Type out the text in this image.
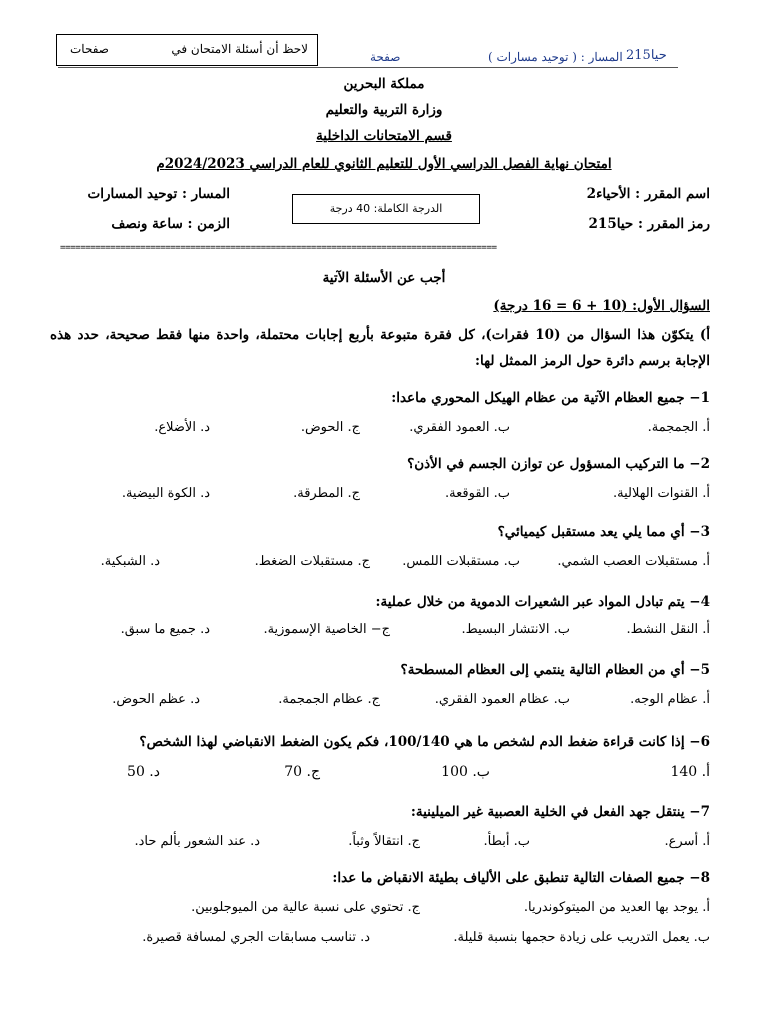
لاحظ أن أسئلة الامتحان في
صفحات
صفحة	المسار : ( توحيد مسارات ) حيا215
مملكة البحرين
وزارة التربية والتعليم
قسم الامتحانات الداخلية
امتحان نهاية الفصل الدراسي الأول للتعليم الثانوي للعام الدراسي 2024/2023م
اسم المقرر : الأحياء2
رمز المقرر : حيا215
المسار : توحيد المسارات
الزمن : ساعة ونصف
الدرجة الكاملة: 40 درجة
=======================================================================================
أجب عن الأسئلة الآتية
السؤال الأول: (10 + 6 = 16 درجة)
أ) يتكوّن هذا السؤال من (10 فقرات)، كل فقرة متبوعة بأربع إجابات محتملة، واحدة منها فقط صحيحة، حدد هذه الإجابة برسم دائرة حول الرمز الممثل لها:
1− جميع العظام الآتية من عظام الهيكل المحوري ماعدا:
أ. الجمجمة.
ب. العمود الفقري.
ج. الحوض.
د. الأضلاع.
2− ما التركيب المسؤول عن توازن الجسم في الأذن؟
أ. القنوات الهلالية.
ب. القوقعة.
ج. المطرقة.
د. الكوة البيضية.
3− أي مما يلي يعد مستقبل كيميائي؟
أ. مستقبلات العصب الشمي.
ب. مستقبلات اللمس.
ج. مستقبلات الضغط.
د. الشبكية.
4− يتم تبادل المواد عبر الشعيرات الدموية من خلال عملية:
أ. النقل النشط.
ب. الانتشار البسيط.
ج− الخاصية الإسموزية.
د. جميع ما سبق.
5− أي من العظام التالية ينتمي إلى العظام المسطحة؟
أ. عظام الوجه.
ب. عظام العمود الفقري.
ج. عظام الجمجمة.
د. عظم الحوض.
6− إذا كانت قراءة ضغط الدم لشخص ما هي 100/140، فكم يكون الضغط الانقباضي لهذا الشخص؟
أ. 140
ب. 100
ج. 70
د. 50
7− ينتقل جهد الفعل في الخلية العصبية غير الميلينية:
أ. أسرع.
ب. أبطأ.
ج. انتقالاً وثباً.
د. عند الشعور بألم حاد.
8− جميع الصفات التالية تنطبق على الألياف بطيئة الانقباض ما عدا:
أ. يوجد بها العديد من الميتوكوندريا.
ج. تحتوي على نسبة عالية من الميوجلوبين.
ب. يعمل التدريب على زيادة حجمها بنسبة قليلة.
د. تناسب مسابقات الجري لمسافة قصيرة.
